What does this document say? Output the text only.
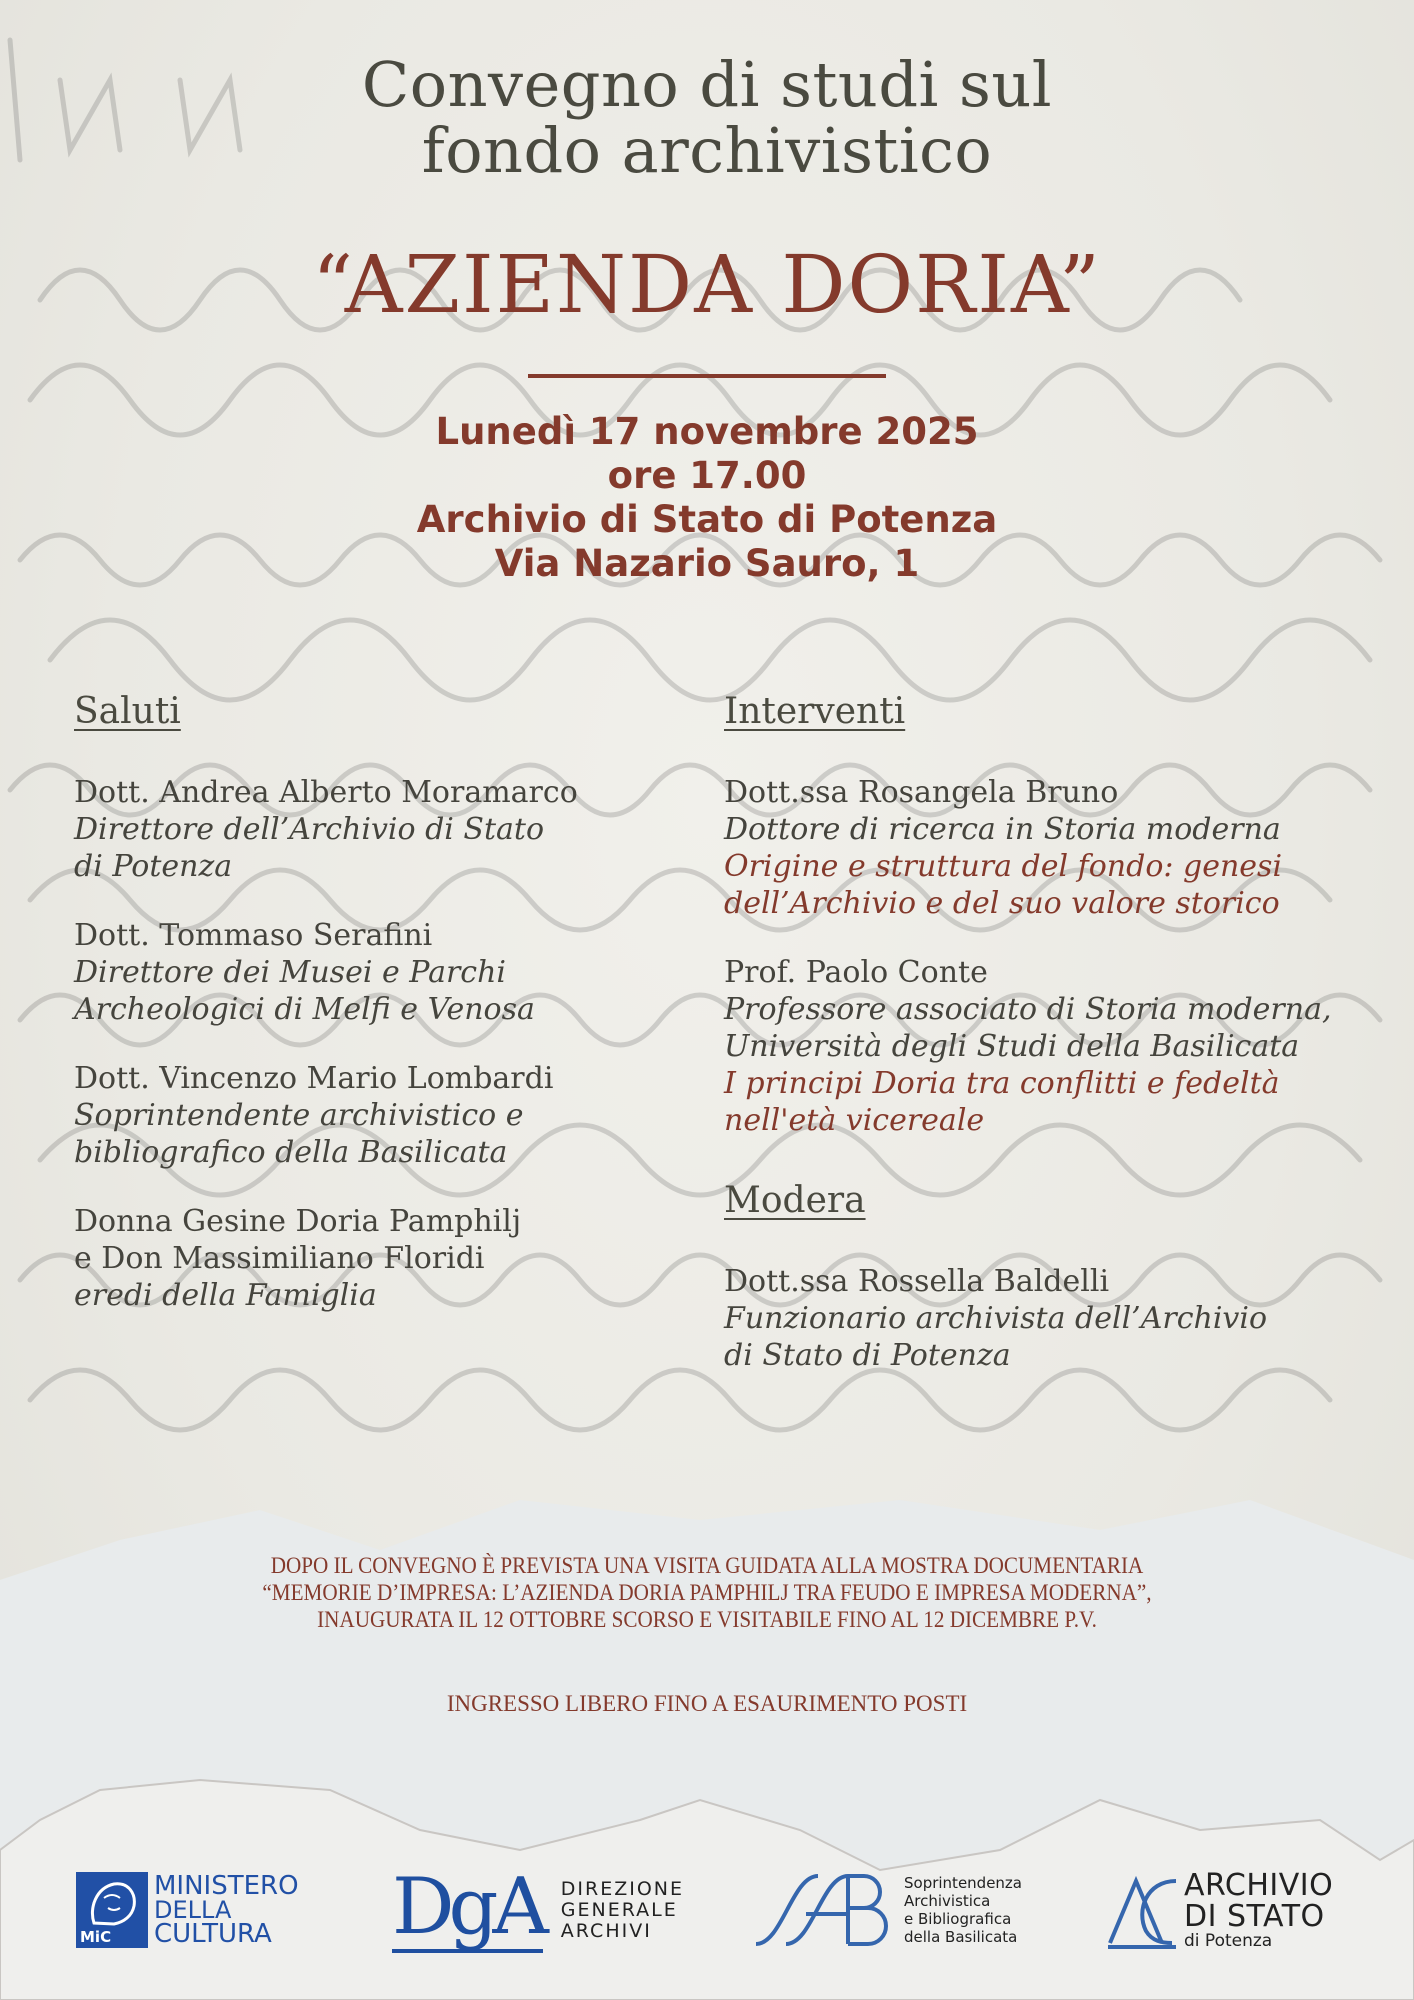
Convegno di studi sul
fondo archivistico
“AZIENDA DORIA”
Lunedì 17 novembre 2025
ore 17.00
Archivio di Stato di Potenza
Via Nazario Sauro, 1
Saluti
Dott. Andrea Alberto Moramarco
Direttore dell’Archivio di Stato
di Potenza
Dott. Tommaso Serafini
Direttore dei Musei e Parchi
Archeologici di Melfi e Venosa
Dott. Vincenzo Mario Lombardi
Soprintendente archivistico e
bibliografico della Basilicata
Donna Gesine Doria Pamphilj
e Don Massimiliano Floridi
eredi della Famiglia
Interventi
Dott.ssa Rosangela Bruno
Dottore di ricerca in Storia moderna
Origine e struttura del fondo: genesi
dell’Archivio e del suo valore storico
Prof. Paolo Conte
Professore associato di Storia moderna,
Università degli Studi della Basilicata
I principi Doria tra conflitti e fedeltà
nell'età vicereale
Modera
Dott.ssa Rossella Baldelli
Funzionario archivista dell’Archivio
di Stato di Potenza
DOPO IL CONVEGNO È PREVISTA UNA VISITA GUIDATA ALLA MOSTRA DOCUMENTARIA
“MEMORIE D’IMPRESA: L’AZIENDA DORIA PAMPHILJ TRA FEUDO E IMPRESA MODERNA”,
INAUGURATA IL 12 OTTOBRE SCORSO E VISITABILE FINO AL 12 DICEMBRE P.V.
INGRESSO LIBERO FINO A ESAURIMENTO POSTI
MiC
MINISTERO
DELLA
CULTURA	DgA DIREZIONE
GENERALE
ARCHIVI
Soprintendenza
Archivistica
e Bibliografica
della Basilicata
ARCHIVIO
DI STATO
di Potenza
